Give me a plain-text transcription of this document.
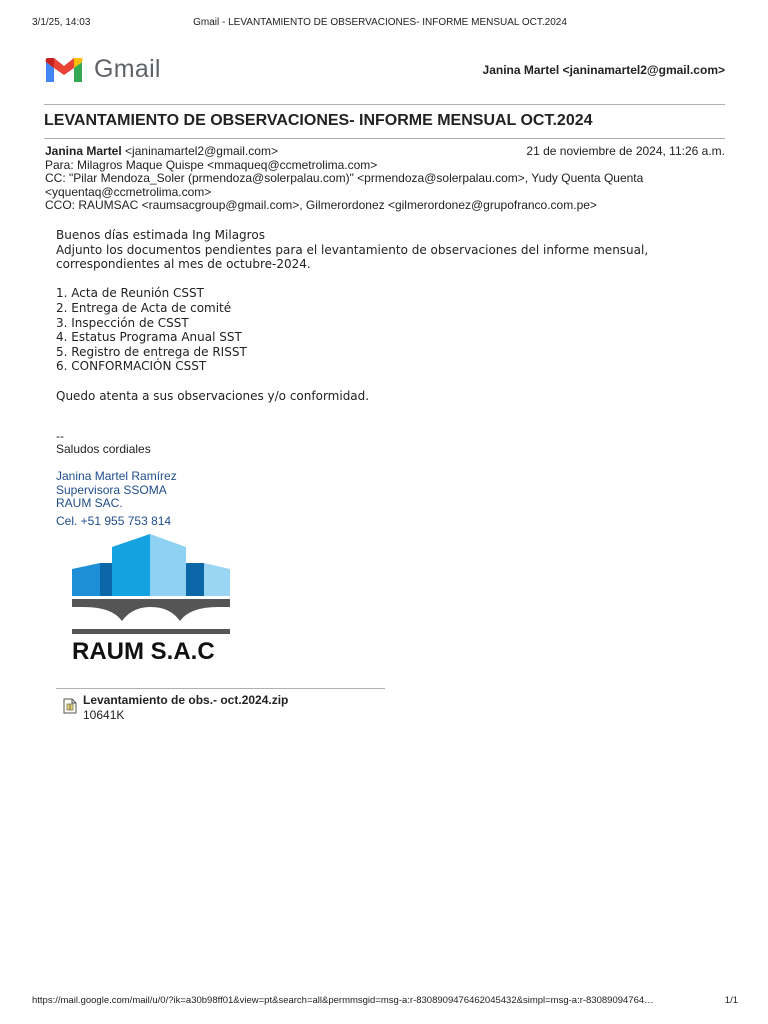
3/1/25, 14:03	Gmail - LEVANTAMIENTO DE OBSERVACIONES- INFORME MENSUAL OCT.2024
Gmail	Janina Martel <janinamartel2@gmail.com>
LEVANTAMIENTO DE OBSERVACIONES- INFORME MENSUAL OCT.2024
Janina Martel <janinamartel2@gmail.com>	21 de noviembre de 2024, 11:26 a.m.
Para: Milagros Maque Quispe <mmaqueq@ccmetrolima.com>
CC: "Pilar Mendoza_Soler (prmendoza@solerpalau.com)" <prmendoza@solerpalau.com>, Yudy Quenta Quenta
<yquentaq@ccmetrolima.com>
CCO: RAUMSAC <raumsacgroup@gmail.com>, Gilmerordonez <gilmerordonez@grupofranco.com.pe>

Buenos días estimada Ing Milagros

Adjunto los documentos pendientes para el levantamiento de observaciones del informe mensual,

correspondientes al mes de octubre-2024.

1. Acta de Reunión CSST

2. Entrega de Acta de comité

3. Inspección de CSST

4. Estatus Programa Anual SST

5. Registro de entrega de RISST

6. CONFORMACIÓN CSST

Quedo atenta a sus observaciones y/o conformidad.

--
Saludos cordiales
Janina Martel Ramírez
Supervisora SSOMA
RAUM SAC.
Cel. +51 955 753 814
RAUM S.A.C
Levantamiento de obs.- oct.2024.zip
10641K
https://mail.google.com/mail/u/0/?ik=a30b98ff01&view=pt&search=all&permmsgid=msg-a:r-8308909476462045432&simpl=msg-a:r-83089094764…	1/1
